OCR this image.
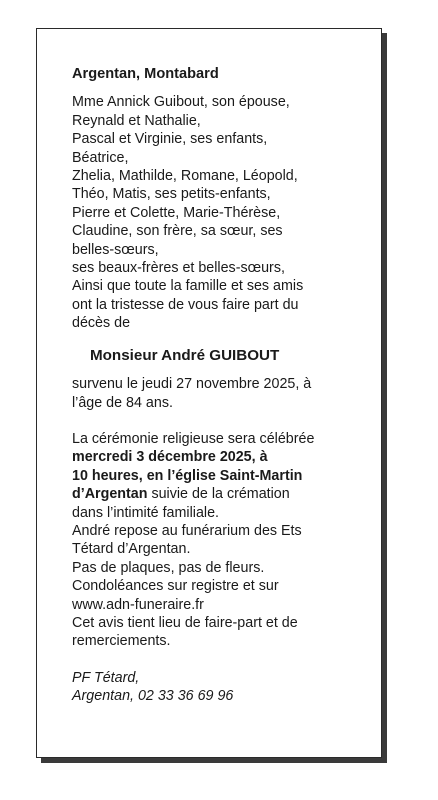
Argentan, Montabard
Mme Annick Guibout, son épouse,
Reynald et Nathalie,
Pascal et Virginie, ses enfants,
Béatrice,
Zhelia, Mathilde, Romane, Léopold,
Théo, Matis, ses petits-enfants,
Pierre et Colette, Marie-Thérèse,
Claudine, son frère, sa sœur, ses
belles-sœurs,
ses beaux-frères et belles-sœurs,
Ainsi que toute la famille et ses amis
ont la tristesse de vous faire part du
décès de
Monsieur André GUIBOUT
survenu le jeudi 27 novembre 2025, à
l’âge de 84 ans.
La cérémonie religieuse sera célébrée
mercredi 3 décembre 2025, à
10 heures, en l’église Saint-Martin
d’Argentan suivie de la crémation
dans l’intimité familiale.
André repose au funérarium des Ets
Tétard d’Argentan.
Pas de plaques, pas de fleurs.
Condoléances sur registre et sur
www.adn-funeraire.fr
Cet avis tient lieu de faire-part et de
remerciements.
PF Tétard,
Argentan, 02 33 36 69 96
